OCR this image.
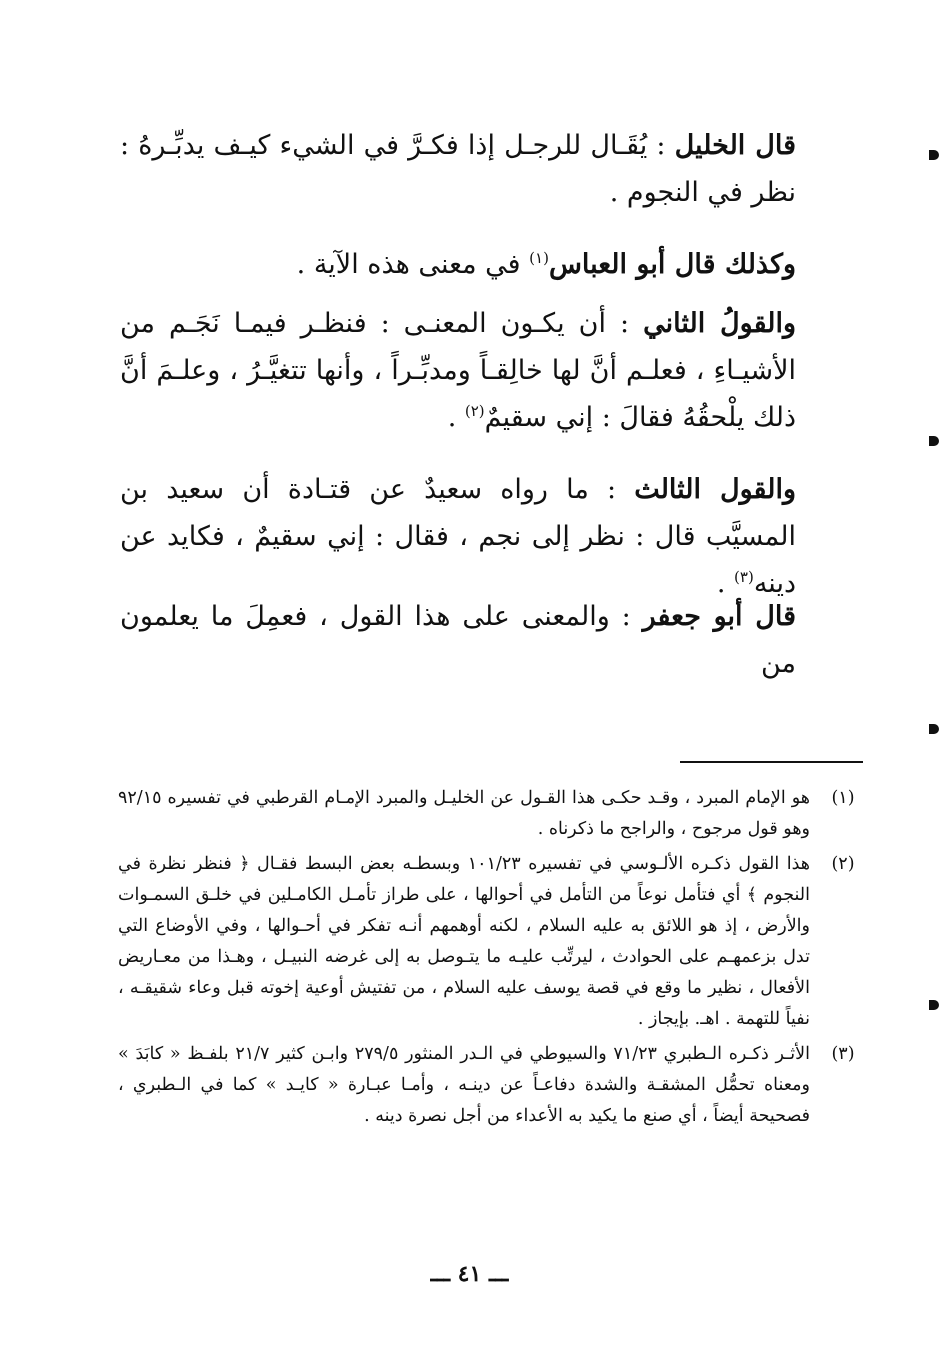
قال الخليل : يُقَـال للرجـل إذا فكـرَّ في الشيء كيـف يدبِّـرهُ : نظر في النجوم .

وكذلك قال أبو العباس$^{(١)}$ في معنى هذه الآية .

والقولُ الثاني : أن يكـون المعنـى : فنظـر فيمـا نَجَـم من الأشيـاءِ ، فعلـم أنَّ لها خالِقـاً ومدبِّـراً ، وأنها تتغيَّـرُ ، وعلـمَ أنَّ ذلك يلْحقُهُ فقالَ : إني سقيمٌ$^{(٢)}$ .

والقول الثالث : ما رواه سعيدٌ عن قتـادة أن سعيد بن المسيَّب قال : نظر إلى نجم ، فقال : إني سقيمٌ ، فكايد عن دينه$^{(٣)}$ .

قال أبو جعفر : والمعنى على هذا القول ، فعمِلَ ما يعلمون من

(١)
هو الإمام المبرد ، وقـد حكـى هذا القـول عن الخليـل والمبرد الإمـام القرطبي في تفسيره ٩٢/١٥ وهو قول مرجوح ، والراجح ما ذكرناه .

(٢)
هذا القول ذكـره الألـوسي في تفسيره ١٠١/٢٣ وبسطـه بعض البسط فقـال ﴿ فنظر نظرة في النجوم ﴾ أي فتأمل نوعاً من التأمل في أحوالها ، على طراز تأمـل الكامـلين في خلـق السمـوات والأرض ، إذ هو اللائق به عليه السلام ، لكنه أوهمهم أنـه تفكر في أحـوالها ، وفي الأوضاع التي تدل بزعمهـم على الحوادث ، ليرتِّب عليـه ما يتـوصل به إلى غرضه النبيـل ، وهـذا من معـاريض الأفعال ، نظير ما وقع في قصة يوسف عليه السلام ، من تفتيش أوعية إخوته قبل وعاء شقيقـه ، نفياً للتهمة . اهـ. بإيجاز .

(٣)
الأثـر ذكـره الـطبري ٧١/٢٣ والسيوطي في الـدر المنثور ٢٧٩/٥ وابـن كثير ٢١/٧ بلفـظ « كابَدَ » ومعناه تحمُّل المشقـة والشدة دفاعـاً عن دينـه ، وأمـا عبـارة « كايـد » كما في الـطبري ، فصحيحة أيضاً ، أي صنع ما يكيد به الأعداء من أجل نصرة دينه .

ـــ ٤١ ـــ
